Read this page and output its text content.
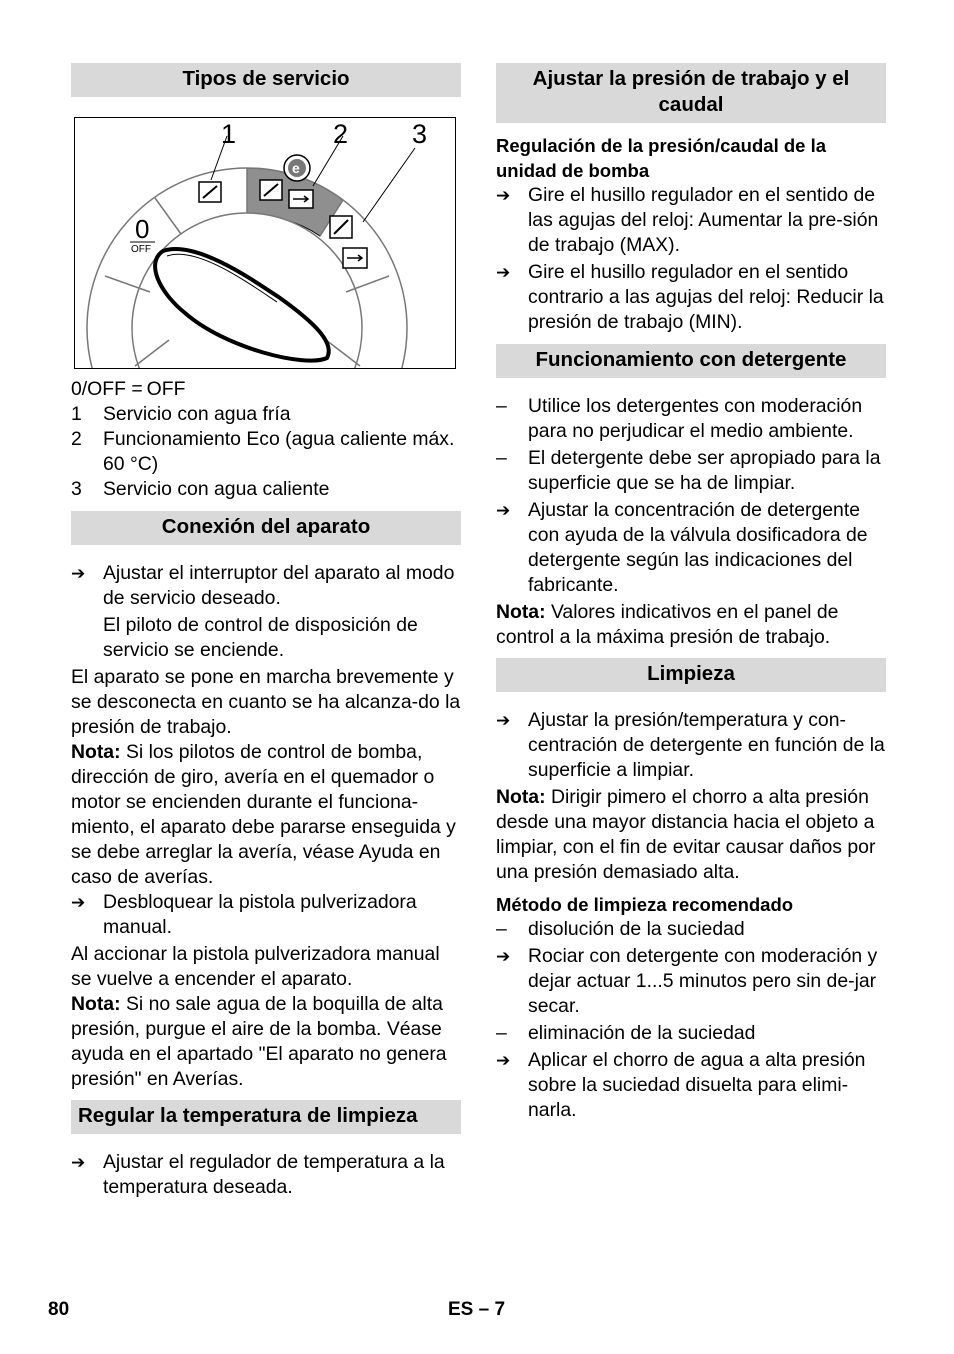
Tipos de servicio
1	2 3
0
OFF
e
0/OFF = OFF
1	Servicio con agua fría
2	Funcionamiento Eco (agua caliente máx. 60 °C)
3	Servicio con agua caliente
Conexión del aparato
➔ Ajustar el interruptor del aparato al modo de servicio deseado.

El piloto de control de disposición de servicio se enciende.

El aparato se pone en marcha brevemente y se desconecta en cuanto se ha alcanza-do la presión de trabajo.

Nota: Si los pilotos de control de bomba, dirección de giro, avería en el quemador o motor se encienden durante el funciona-miento, el aparato debe pararse enseguida y se debe arreglar la avería, véase Ayuda en caso de averías.

➔ Desbloquear la pistola pulverizadora manual.

Al accionar la pistola pulverizadora manual se vuelve a encender el aparato.

Nota: Si no sale agua de la boquilla de alta presión, purgue el aire de la bomba. Véase ayuda en el apartado "El aparato no genera presión" en Averías.

Regular la temperatura de limpieza
➔ Ajustar el regulador de temperatura a la temperatura deseada.
Ajustar la presión de trabajo y el caudal

Regulación de la presión/caudal de la unidad de bomba

➔ Gire el husillo regulador en el sentido de las agujas del reloj: Aumentar la pre-sión de trabajo (MAX).
➔ Gire el husillo regulador en el sentido contrario a las agujas del reloj: Reducir la presión de trabajo (MIN).
Funcionamiento con detergente
–	Utilice los detergentes con moderación para no perjudicar el medio ambiente.
–	El detergente debe ser apropiado para la superficie que se ha de limpiar.
➔ Ajustar la concentración de detergente con ayuda de la válvula dosificadora de detergente según las indicaciones del fabricante.

Nota: Valores indicativos en el panel de control a la máxima presión de trabajo.

Limpieza
➔ Ajustar la presión/temperatura y con-centración de detergente en función de la superficie a limpiar.

Nota: Dirigir pimero el chorro a alta presión desde una mayor distancia hacia el objeto a limpiar, con el fin de evitar causar daños por una presión demasiado alta.

Método de limpieza recomendado

–	disolución de la suciedad
➔ Rociar con detergente con moderación y dejar actuar 1...5 minutos pero sin de-jar secar.
–	eliminación de la suciedad
➔ Aplicar el chorro de agua a alta presión sobre la suciedad disuelta para elimi-narla.
80	ES – 7
